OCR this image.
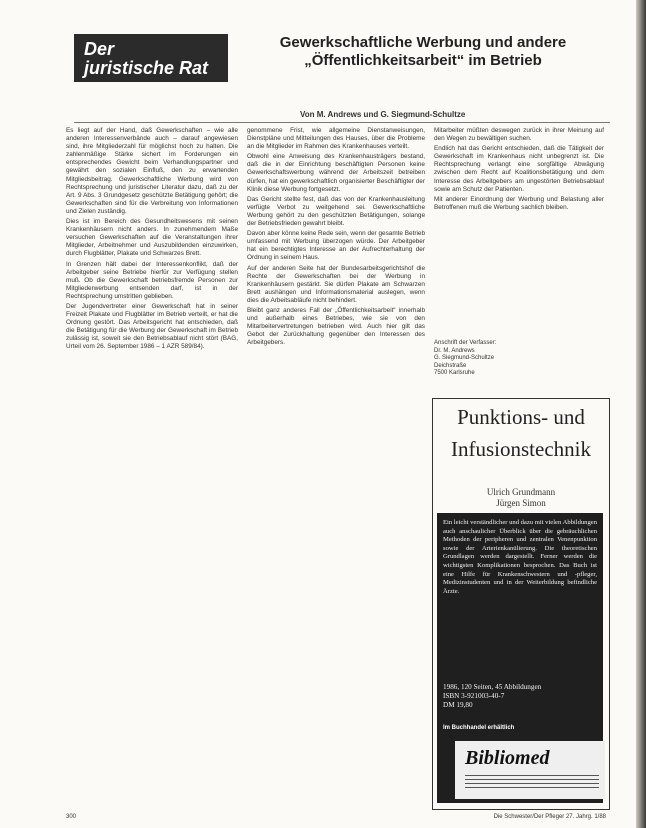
Der
juristische Rat
Gewerkschaftliche Werbung und andere
„Öffentlichkeitsarbeit“ im Betrieb
Von M. Andrews und G. Siegmund-Schultze

Es liegt auf der Hand, daß Gewerkschaften – wie alle anderen Interessenverbände auch – darauf angewiesen sind, ihre Mitgliederzahl für möglichst hoch zu halten. Die zahlenmäßige Stärke sichert im Forderungen ein entsprechendes Gewicht beim Verhandlungspartner und gewährt den sozialen Einfluß, den zu erwartenden Mitgliedsbeitrag. Gewerkschaftliche Werbung wird von Rechtsprechung und juristischer Literatur dazu, daß zu der Art. 9 Abs. 3 Grundgesetz geschützte Betätigung gehört; die Gewerkschaften sind für die Verbreitung von Informationen und Zielen zuständig.

Dies ist im Bereich des Gesundheitswesens mit seinen Krankenhäusern nicht anders. In zunehmendem Maße versuchen Gewerkschaften auf die Veranstaltungen ihrer Mitglieder, Arbeitnehmer und Auszubildenden einzuwirken, durch Flugblätter, Plakate und Schwarzes Brett.

In Grenzen hält dabei der Interessenkonflikt, daß der Arbeitgeber seine Betriebe hierfür zur Verfügung stellen muß. Ob die Gewerkschaft betriebsfremde Personen zur Mitgliederwerbung entsenden darf, ist in der Rechtsprechung umstritten geblieben.

Der Jugendvertreter einer Gewerkschaft hat in seiner Freizeit Plakate und Flugblätter im Betrieb verteilt, er hat die Ordnung gestört. Das Arbeitsgericht hat entschieden, daß die Betätigung für die Werbung der Gewerkschaft im Betrieb zulässig ist, soweit sie den Betriebsablauf nicht stört (BAG, Urteil vom 26. September 1986 – 1 AZR 589/84).

genommene Frist, wie allgemeine Dienstanweisungen, Dienstpläne und Mitteilungen des Hauses, über die Probleme an die Mitglieder im Rahmen des Krankenhauses verteilt.

Obwohl eine Anweisung des Krankenhausträgers bestand, daß die in der Einrichtung beschäftigten Personen keine Gewerkschaftswerbung während der Arbeitszeit betreiben dürfen, hat ein gewerkschaftlich organisierter Beschäftigter der Klinik diese Werbung fortgesetzt.

Das Gericht stellte fest, daß das von der Krankenhausleitung verfügte Verbot zu weitgehend sei. Gewerkschaftliche Werbung gehört zu den geschützten Betätigungen, solange der Betriebsfrieden gewahrt bleibt.

Davon aber könne keine Rede sein, wenn der gesamte Betrieb umfassend mit Werbung überzogen würde. Der Arbeitgeber hat ein berechtigtes Interesse an der Aufrechterhaltung der Ordnung in seinem Haus.

Auf der anderen Seite hat der Bundesarbeitsgerichtshof die Rechte der Gewerkschaften bei der Werbung in Krankenhäusern gestärkt. Sie dürfen Plakate am Schwarzen Brett aushängen und Informationsmaterial auslegen, wenn dies die Arbeitsabläufe nicht behindert.

Bleibt ganz anderes Fall der „Öffentlichkeitsarbeit“ innerhalb und außerhalb eines Betriebes, wie sie von den Mitarbeitervertretungen betrieben wird. Auch hier gilt das Gebot der Zurückhaltung gegenüber den Interessen des Arbeitgebers.

Mitarbeiter müßten deswegen zurück in ihrer Meinung auf den Wegen zu bewältigen suchen.

Endlich hat das Gericht entschieden, daß die Tätigkeit der Gewerkschaft im Krankenhaus nicht unbegrenzt ist. Die Rechtsprechung verlangt eine sorgfältige Abwägung zwischen dem Recht auf Koalitionsbetätigung und dem Interesse des Arbeitgebers am ungestörten Betriebsablauf sowie am Schutz der Patienten.

Mit anderer Einordnung der Werbung und Belastung aller Betroffenen muß die Werbung sachlich bleiben.

Anschrift der Verfasser:
Dr. M. Andrews
G. Siegmund-Schultze
Deichstraße
7500 Karlsruhe
Punktions- und
Infusionstechnik
Ulrich Grundmann
Jürgen Simon
Ein leicht verständlicher und dazu mit vielen Abbildungen auch anschaulicher Überblick über die gebräuchlichen Methoden der peripheren und zentralen Venenpunktion sowie der Arterienkanülierung. Die theoretischen Grundlagen werden dargestellt. Ferner werden die wichtigsten Komplikationen besprochen. Das Buch ist eine Hilfe für Krankenschwestern und -pfleger, Medizinstudenten und in der Weiterbildung befindliche Ärzte.
1986, 120 Seiten, 45 Abbildungen
ISBN 3-921003-40-7
DM 19,80
Im Buchhandel erhältlich
Bibliomed
300	Die Schwester/Der Pfleger 27. Jahrg. 1/88
